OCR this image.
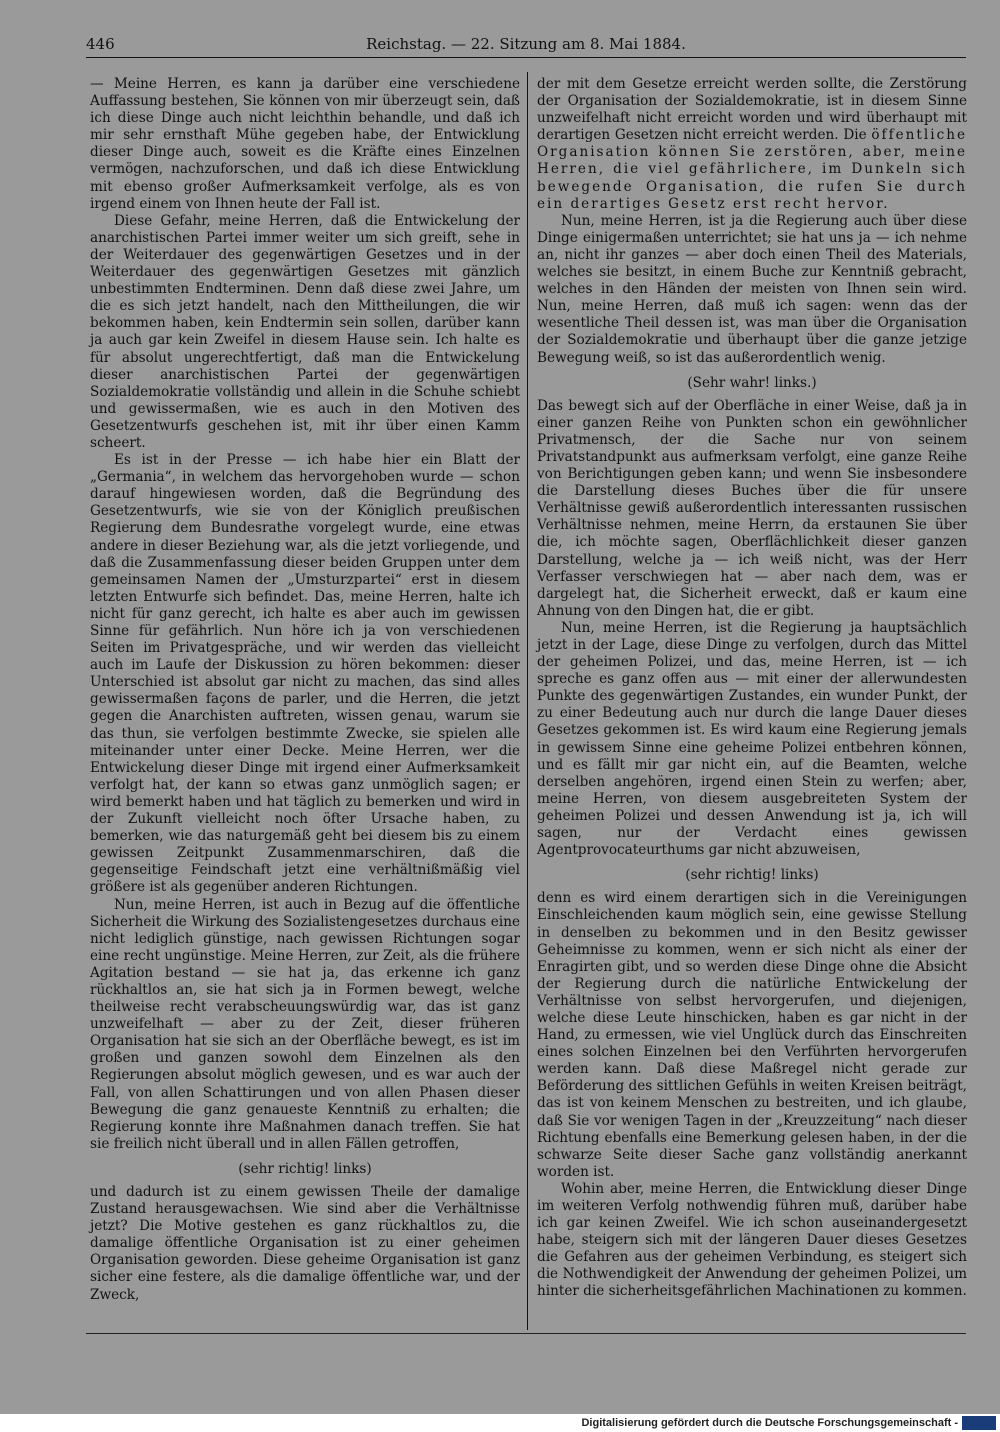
446	Reichstag. — 22. Sitzung am 8. Mai 1884.

— Meine Herren, es kann ja darüber eine verschiedene Auffassung bestehen, Sie können von mir überzeugt sein, daß ich diese Dinge auch nicht leichthin behandle, und daß ich mir sehr ernsthaft Mühe gegeben habe, der Entwicklung dieser Dinge auch, soweit es die Kräfte eines Einzelnen vermögen, nachzuforschen, und daß ich diese Entwicklung mit ebenso großer Aufmerksamkeit verfolge, als es von irgend einem von Ihnen heute der Fall ist.

Diese Gefahr, meine Herren, daß die Entwickelung der anarchistischen Partei immer weiter um sich greift, sehe in der Weiterdauer des gegenwärtigen Gesetzes und in der Weiterdauer des gegenwärtigen Gesetzes mit gänzlich unbestimmten Endterminen. Denn daß diese zwei Jahre, um die es sich jetzt handelt, nach den Mittheilungen, die wir bekommen haben, kein Endtermin sein sollen, darüber kann ja auch gar kein Zweifel in diesem Hause sein. Ich halte es für absolut ungerechtfertigt, daß man die Entwickelung dieser anarchistischen Partei der gegenwärtigen Sozialdemokratie vollständig und allein in die Schuhe schiebt und gewissermaßen, wie es auch in den Motiven des Gesetzentwurfs geschehen ist, mit ihr über einen Kamm scheert.

Es ist in der Presse — ich habe hier ein Blatt der „Germania“, in welchem das hervorgehoben wurde — schon darauf hingewiesen worden, daß die Begründung des Gesetzentwurfs, wie sie von der Königlich preußischen Regierung dem Bundesrathe vorgelegt wurde, eine etwas andere in dieser Beziehung war, als die jetzt vorliegende, und daß die Zusammenfassung dieser beiden Gruppen unter dem gemeinsamen Namen der „Umsturzpartei“ erst in diesem letzten Entwurfe sich befindet. Das, meine Herren, halte ich nicht für ganz gerecht, ich halte es aber auch im gewissen Sinne für gefährlich. Nun höre ich ja von verschiedenen Seiten im Privatgespräche, und wir werden das vielleicht auch im Laufe der Diskussion zu hören bekommen: dieser Unterschied ist absolut gar nicht zu machen, das sind alles gewissermaßen façons de parler, und die Herren, die jetzt gegen die Anarchisten auftreten, wissen genau, warum sie das thun, sie verfolgen bestimmte Zwecke, sie spielen alle miteinander unter einer Decke. Meine Herren, wer die Entwickelung dieser Dinge mit irgend einer Aufmerksamkeit verfolgt hat, der kann so etwas ganz unmöglich sagen; er wird bemerkt haben und hat täglich zu bemerken und wird in der Zukunft vielleicht noch öfter Ursache haben, zu bemerken, wie das naturgemäß geht bei diesem bis zu einem gewissen Zeitpunkt Zusammenmarschiren, daß die gegenseitige Feindschaft jetzt eine verhältnißmäßig viel größere ist als gegenüber anderen Richtungen.

Nun, meine Herren, ist auch in Bezug auf die öffentliche Sicherheit die Wirkung des Sozialistengesetzes durchaus eine nicht lediglich günstige, nach gewissen Richtungen sogar eine recht ungünstige. Meine Herren, zur Zeit, als die frühere Agitation bestand — sie hat ja, das erkenne ich ganz rückhaltlos an, sie hat sich ja in Formen bewegt, welche theilweise recht verabscheuungswürdig war, das ist ganz unzweifelhaft — aber zu der Zeit, dieser früheren Organisation hat sie sich an der Oberfläche bewegt, es ist im großen und ganzen sowohl dem Einzelnen als den Regierungen absolut möglich gewesen, und es war auch der Fall, von allen Schattirungen und von allen Phasen dieser Bewegung die ganz genaueste Kenntniß zu erhalten; die Regierung konnte ihre Maßnahmen danach treffen. Sie hat sie freilich nicht überall und in allen Fällen getroffen,

(sehr richtig! links)

und dadurch ist zu einem gewissen Theile der damalige Zustand herausgewachsen. Wie sind aber die Verhältnisse jetzt? Die Motive gestehen es ganz rückhaltlos zu, die damalige öffentliche Organisation ist zu einer geheimen Organisation geworden. Diese geheime Organisation ist ganz sicher eine festere, als die damalige öffentliche war, und der Zweck,

der mit dem Gesetze erreicht werden sollte, die Zerstörung der Organisation der Sozialdemokratie, ist in diesem Sinne unzweifelhaft nicht erreicht worden und wird überhaupt mit derartigen Gesetzen nicht erreicht werden. Die öffentliche Organisation können Sie zerstören, aber, meine Herren, die viel gefährlichere, im Dunkeln sich bewegende Organisation, die rufen Sie durch ein derartiges Gesetz erst recht hervor.

Nun, meine Herren, ist ja die Regierung auch über diese Dinge einigermaßen unterrichtet; sie hat uns ja — ich nehme an, nicht ihr ganzes — aber doch einen Theil des Materials, welches sie besitzt, in einem Buche zur Kenntniß gebracht, welches in den Händen der meisten von Ihnen sein wird. Nun, meine Herren, daß muß ich sagen: wenn das der wesentliche Theil dessen ist, was man über die Organisation der Sozialdemokratie und überhaupt über die ganze jetzige Bewegung weiß, so ist das außerordentlich wenig.

(Sehr wahr! links.)

Das bewegt sich auf der Oberfläche in einer Weise, daß ja in einer ganzen Reihe von Punkten schon ein gewöhnlicher Privatmensch, der die Sache nur von seinem Privatstandpunkt aus aufmerksam verfolgt, eine ganze Reihe von Berichtigungen geben kann; und wenn Sie insbesondere die Darstellung dieses Buches über die für unsere Verhältnisse gewiß außerordentlich interessanten russischen Verhältnisse nehmen, meine Herrn, da erstaunen Sie über die, ich möchte sagen, Oberflächlichkeit dieser ganzen Darstellung, welche ja — ich weiß nicht, was der Herr Verfasser verschwiegen hat — aber nach dem, was er dargelegt hat, die Sicherheit erweckt, daß er kaum eine Ahnung von den Dingen hat, die er gibt.

Nun, meine Herren, ist die Regierung ja hauptsächlich jetzt in der Lage, diese Dinge zu verfolgen, durch das Mittel der geheimen Polizei, und das, meine Herren, ist — ich spreche es ganz offen aus — mit einer der allerwundesten Punkte des gegenwärtigen Zustandes, ein wunder Punkt, der zu einer Bedeutung auch nur durch die lange Dauer dieses Gesetzes gekommen ist. Es wird kaum eine Regierung jemals in gewissem Sinne eine geheime Polizei entbehren können, und es fällt mir gar nicht ein, auf die Beamten, welche derselben angehören, irgend einen Stein zu werfen; aber, meine Herren, von diesem ausgebreiteten System der geheimen Polizei und dessen Anwendung ist ja, ich will sagen, nur der Verdacht eines gewissen Agentprovocateurthums gar nicht abzuweisen,

(sehr richtig! links)

denn es wird einem derartigen sich in die Vereinigungen Einschleichenden kaum möglich sein, eine gewisse Stellung in denselben zu bekommen und in den Besitz gewisser Geheimnisse zu kommen, wenn er sich nicht als einer der Enragirten gibt, und so werden diese Dinge ohne die Absicht der Regierung durch die natürliche Entwickelung der Verhältnisse von selbst hervorgerufen, und diejenigen, welche diese Leute hinschicken, haben es gar nicht in der Hand, zu ermessen, wie viel Unglück durch das Einschreiten eines solchen Einzelnen bei den Verführten hervorgerufen werden kann. Daß diese Maßregel nicht gerade zur Beförderung des sittlichen Gefühls in weiten Kreisen beiträgt, das ist von keinem Menschen zu bestreiten, und ich glaube, daß Sie vor wenigen Tagen in der „Kreuzzeitung“ nach dieser Richtung ebenfalls eine Bemerkung gelesen haben, in der die schwarze Seite dieser Sache ganz vollständig anerkannt worden ist.

Wohin aber, meine Herren, die Entwicklung dieser Dinge im weiteren Verfolg nothwendig führen muß, darüber habe ich gar keinen Zweifel. Wie ich schon auseinandergesetzt habe, steigern sich mit der längeren Dauer dieses Gesetzes die Gefahren aus der geheimen Verbindung, es steigert sich die Nothwendigkeit der Anwendung der geheimen Polizei, um hinter die sicherheitsgefährlichen Machinationen zu kommen.

Digitalisierung gefördert durch die Deutsche Forschungsgemeinschaft -
